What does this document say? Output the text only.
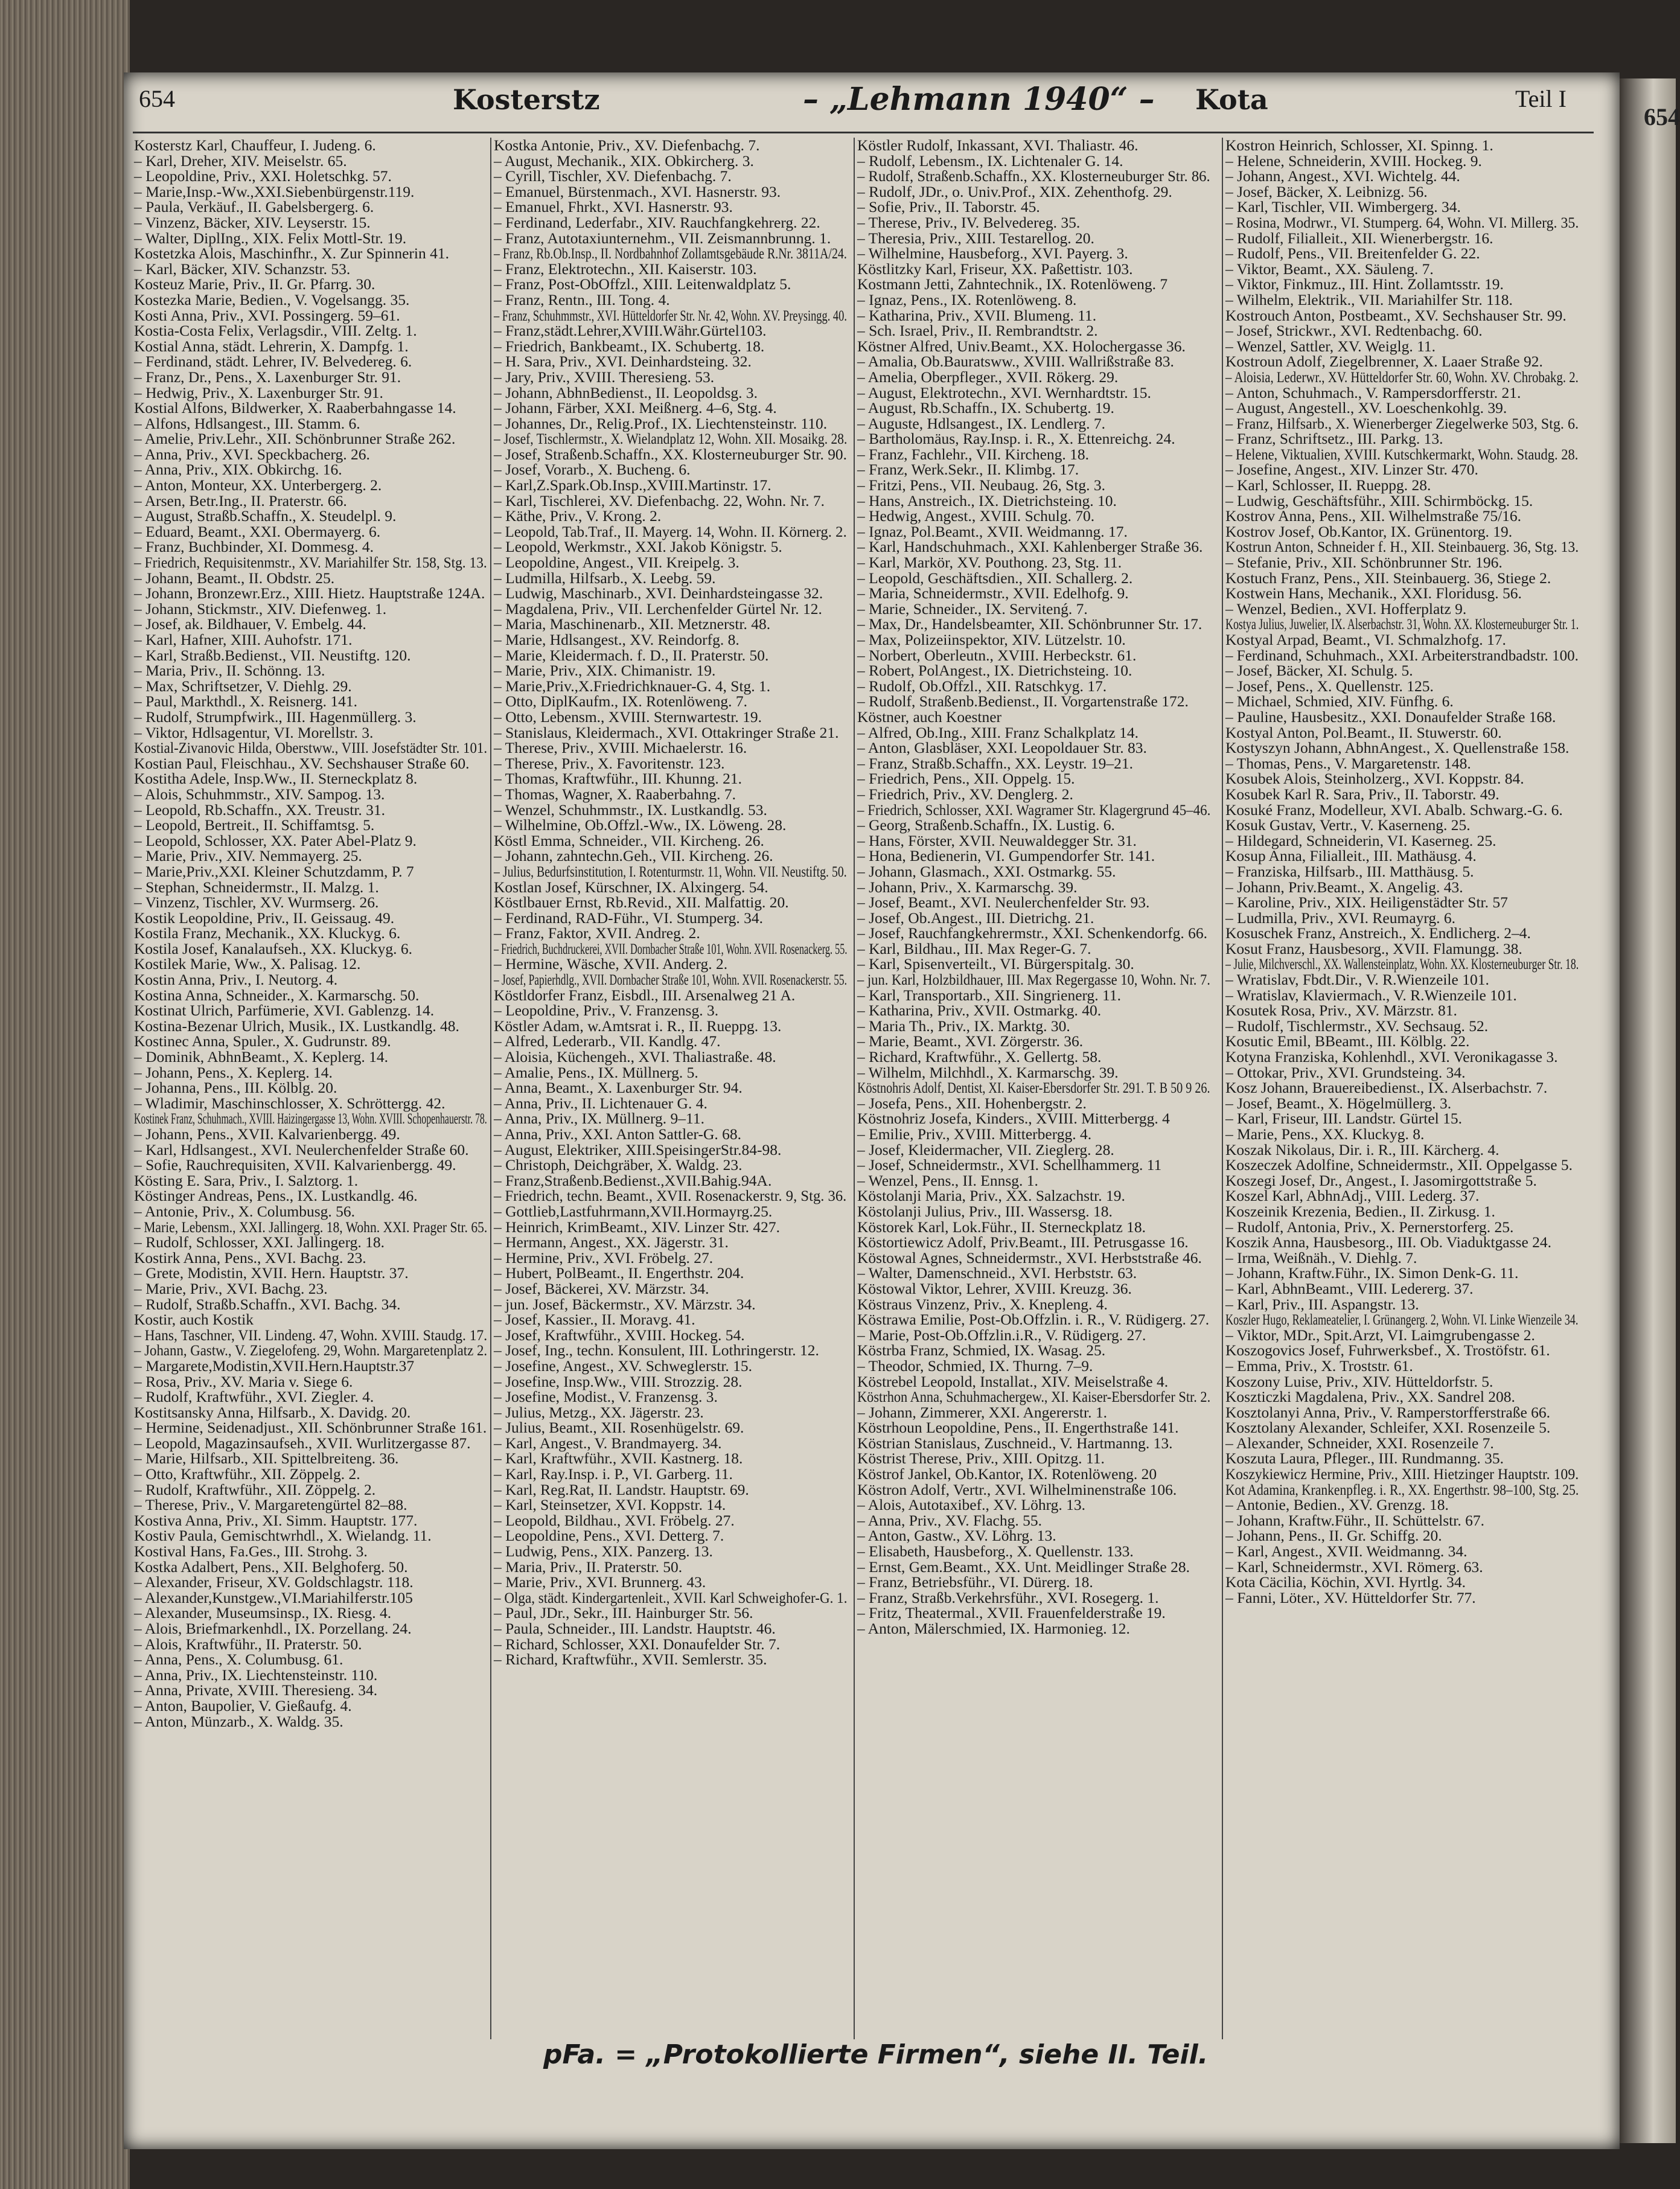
654
654	Kosterstz	– „Lehmann 1940“ – Kota	Teil I
Kosterstz Karl, Chauffeur, I. Judeng. 6.
– Karl, Dreher, XIV. Meiselstr. 65.
– Leopoldine, Priv., XXI. Holetschkg. 57.
– Marie,Insp.-Ww.,XXI.Siebenbürgenstr.119.
– Paula, Verkäuf., II. Gabelsbergerg. 6.
– Vinzenz, Bäcker, XIV. Leyserstr. 15.
– Walter, DiplIng., XIX. Felix Mottl-Str. 19.
Kostetzka Alois, Maschinfhr., X. Zur Spinnerin 41.
– Karl, Bäcker, XIV. Schanzstr. 53.
Kosteuz Marie, Priv., II. Gr. Pfarrg. 30.
Kostezka Marie, Bedien., V. Vogelsangg. 35.
Kosti Anna, Priv., XVI. Possingerg. 59–61.
Kostia-Costa Felix, Verlagsdir., VIII. Zeltg. 1.
Kostial Anna, städt. Lehrerin, X. Dampfg. 1.
– Ferdinand, städt. Lehrer, IV. Belvedereg. 6.
– Franz, Dr., Pens., X. Laxenburger Str. 91.
– Hedwig, Priv., X. Laxenburger Str. 91.
Kostial Alfons, Bildwerker, X. Raaberbahngasse 14.
– Alfons, Hdlsangest., III. Stamm. 6.
– Amelie, Priv.Lehr., XII. Schönbrunner Straße 262.
– Anna, Priv., XVI. Speckbacherg. 26.
– Anna, Priv., XIX. Obkirchg. 16.
– Anton, Monteur, XX. Unterbergerg. 2.
– Arsen, Betr.Ing., II. Praterstr. 66.
– August, Straßb.Schaffn., X. Steudelpl. 9.
– Eduard, Beamt., XXI. Obermayerg. 6.
– Franz, Buchbinder, XI. Dommesg. 4.
– Friedrich, Requisitenmstr., XV. Mariahilfer Str. 158, Stg. 13.
– Johann, Beamt., II. Obdstr. 25.
– Johann, Bronzewr.Erz., XIII. Hietz. Hauptstraße 124A.
– Johann, Stickmstr., XIV. Diefenweg. 1.
– Josef, ak. Bildhauer, V. Embelg. 44.
– Karl, Hafner, XIII. Auhofstr. 171.
– Karl, Straßb.Bedienst., VII. Neustiftg. 120.
– Maria, Priv., II. Schönng. 13.
– Max, Schriftsetzer, V. Diehlg. 29.
– Paul, Markthdl., X. Reisnerg. 141.
– Rudolf, Strumpfwirk., III. Hagenmüllerg. 3.
– Viktor, Hdlsagentur, VI. Morellstr. 3.
Kostial-Zivanovic Hilda, Oberstww., VIII. Josefstädter Str. 101.
Kostian Paul, Fleischhau., XV. Sechshauser Straße 60.
Kostitha Adele, Insp.Ww., II. Sterneckplatz 8.
– Alois, Schuhmmstr., XIV. Sampog. 13.
– Leopold, Rb.Schaffn., XX. Treustr. 31.
– Leopold, Bertreit., II. Schiffamtsg. 5.
– Leopold, Schlosser, XX. Pater Abel-Platz 9.
– Marie, Priv., XIV. Nemmayerg. 25.
– Marie,Priv.,XXI. Kleiner Schutzdamm, P. 7
– Stephan, Schneidermstr., II. Malzg. 1.
– Vinzenz, Tischler, XV. Wurmserg. 26.
Kostik Leopoldine, Priv., II. Geissaug. 49.
Kostila Franz, Mechanik., XX. Kluckyg. 6.
Kostila Josef, Kanalaufseh., XX. Kluckyg. 6.
Kostilek Marie, Ww., X. Palisag. 12.
Kostin Anna, Priv., I. Neutorg. 4.
Kostina Anna, Schneider., X. Karmarschg. 50.
Kostinat Ulrich, Parfümerie, XVI. Gablenzg. 14.
Kostina-Bezenar Ulrich, Musik., IX. Lustkandlg. 48.
Kostinec Anna, Spuler., X. Gudrunstr. 89.
– Dominik, AbhnBeamt., X. Keplerg. 14.
– Johann, Pens., X. Keplerg. 14.
– Johanna, Pens., III. Kölblg. 20.
– Wladimir, Maschinschlosser, X. Schröttergg. 42.
Kostinek Franz, Schuhmach., XVIII. Haizingergasse 13, Wohn. XVIII. Schopenhauerstr. 78.
– Johann, Pens., XVII. Kalvarienbergg. 49.
– Karl, Hdlsangest., XVI. Neulerchenfelder Straße 60.
– Sofie, Rauchrequisiten, XVII. Kalvarienbergg. 49.
Kösting E. Sara, Priv., I. Salztorg. 1.
Köstinger Andreas, Pens., IX. Lustkandlg. 46.
– Antonie, Priv., X. Columbusg. 56.
– Marie, Lebensm., XXI. Jallingerg. 18, Wohn. XXI. Prager Str. 65.
– Rudolf, Schlosser, XXI. Jallingerg. 18.
Kostirk Anna, Pens., XVI. Bachg. 23.
– Grete, Modistin, XVII. Hern. Hauptstr. 37.
– Marie, Priv., XVI. Bachg. 23.
– Rudolf, Straßb.Schaffn., XVI. Bachg. 34.
Kostir, auch Kostik
– Hans, Taschner, VII. Lindeng. 47, Wohn. XVIII. Staudg. 17.
– Johann, Gastw., V. Ziegelofeng. 29, Wohn. Margaretenplatz 2.
– Margarete,Modistin,XVII.Hern.Hauptstr.37
– Rosa, Priv., XV. Maria v. Siege 6.
– Rudolf, Kraftwführ., XVI. Ziegler. 4.
Kostitsansky Anna, Hilfsarb., X. Davidg. 20.
– Hermine, Seidenadjust., XII. Schönbrunner Straße 161.
– Leopold, Magazinsaufseh., XVII. Wurlitzergasse 87.
– Marie, Hilfsarb., XII. Spittelbreiteng. 36.
– Otto, Kraftwführ., XII. Zöppelg. 2.
– Rudolf, Kraftwführ., XII. Zöppelg. 2.
– Therese, Priv., V. Margaretengürtel 82–88.
Kostiva Anna, Priv., XI. Simm. Hauptstr. 177.
Kostiv Paula, Gemischtwrhdl., X. Wielandg. 11.
Kostival Hans, Fa.Ges., III. Strohg. 3.
Kostka Adalbert, Pens., XII. Belghoferg. 50.
– Alexander, Friseur, XV. Goldschlagstr. 118.
– Alexander,Kunstgew.,VI.Mariahilferstr.105
– Alexander, Museumsinsp., IX. Riesg. 4.
– Alois, Briefmarkenhdl., IX. Porzellang. 24.
– Alois, Kraftwführ., II. Praterstr. 50.
– Anna, Pens., X. Columbusg. 61.
– Anna, Priv., IX. Liechtensteinstr. 110.
– Anna, Private, XVIII. Theresieng. 34.
– Anton, Baupolier, V. Gießaufg. 4.
– Anton, Münzarb., X. Waldg. 35.
Kostka Antonie, Priv., XV. Diefenbachg. 7.
– August, Mechanik., XIX. Obkircherg. 3.
– Cyrill, Tischler, XV. Diefenbachg. 7.
– Emanuel, Bürstenmach., XVI. Hasnerstr. 93.
– Emanuel, Fhrkt., XVI. Hasnerstr. 93.
– Ferdinand, Lederfabr., XIV. Rauchfangkehrerg. 22.
– Franz, Autotaxiunternehm., VII. Zeismannbrunng. 1.
– Franz, Rb.Ob.Insp., II. Nordbahnhof Zollamtsgebäude R.Nr. 3811A/24.
– Franz, Elektrotechn., XII. Kaiserstr. 103.
– Franz, Post-ObOffzl., XIII. Leitenwaldplatz 5.
– Franz, Rentn., III. Tong. 4.
– Franz, Schuhmmstr., XVI. Hütteldorfer Str. Nr. 42, Wohn. XV. Preysingg. 40.
– Franz,städt.Lehrer,XVIII.Währ.Gürtel103.
– Friedrich, Bankbeamt., IX. Schubertg. 18.
– H. Sara, Priv., XVI. Deinhardsteing. 32.
– Jary, Priv., XVIII. Theresieng. 53.
– Johann, AbhnBedienst., II. Leopoldsg. 3.
– Johann, Färber, XXI. Meißnerg. 4–6, Stg. 4.
– Johannes, Dr., Relig.Prof., IX. Liechtensteinstr. 110.
– Josef, Tischlermstr., X. Wielandplatz 12, Wohn. XII. Mosaikg. 28.
– Josef, Straßenb.Schaffn., XX. Klosterneuburger Str. 90.
– Josef, Vorarb., X. Bucheng. 6.
– Karl,Z.Spark.Ob.Insp.,XVIII.Martinstr. 17.
– Karl, Tischlerei, XV. Diefenbachg. 22, Wohn. Nr. 7.
– Käthe, Priv., V. Krong. 2.
– Leopold, Tab.Traf., II. Mayerg. 14, Wohn. II. Körnerg. 2.
– Leopold, Werkmstr., XXI. Jakob Königstr. 5.
– Leopoldine, Angest., VII. Kreipelg. 3.
– Ludmilla, Hilfsarb., X. Leebg. 59.
– Ludwig, Maschinarb., XVI. Deinhardsteingasse 32.
– Magdalena, Priv., VII. Lerchenfelder Gürtel Nr. 12.
– Maria, Maschinenarb., XII. Metznerstr. 48.
– Marie, Hdlsangest., XV. Reindorfg. 8.
– Marie, Kleidermach. f. D., II. Praterstr. 50.
– Marie, Priv., XIX. Chimanistr. 19.
– Marie,Priv.,X.Friedrichknauer-G. 4, Stg. 1.
– Otto, DiplKaufm., IX. Rotenlöweng. 7.
– Otto, Lebensm., XVIII. Sternwartestr. 19.
– Stanislaus, Kleidermach., XVI. Ottakringer Straße 21.
– Therese, Priv., XVIII. Michaelerstr. 16.
– Therese, Priv., X. Favoritenstr. 123.
– Thomas, Kraftwführ., III. Khunng. 21.
– Thomas, Wagner, X. Raaberbahng. 7.
– Wenzel, Schuhmmstr., IX. Lustkandlg. 53.
– Wilhelmine, Ob.Offzl.-Ww., IX. Löweng. 28.
Köstl Emma, Schneider., VII. Kircheng. 26.
– Johann, zahntechn.Geh., VII. Kircheng. 26.
– Julius, Bedurfsinstitution, I. Rotenturmstr. 11, Wohn. VII. Neustiftg. 50.
Kostlan Josef, Kürschner, IX. Alxingerg. 54.
Köstlbauer Ernst, Rb.Revid., XII. Malfattig. 20.
– Ferdinand, RAD-Führ., VI. Stumperg. 34.
– Franz, Faktor, XVII. Andreg. 2.
– Friedrich, Buchdruckerei, XVII. Dornbacher Straße 101, Wohn. XVII. Rosenackerg. 55.
– Hermine, Wäsche, XVII. Anderg. 2.
– Josef, Papierhdlg., XVII. Dornbacher Straße 101, Wohn. XVII. Rosenackerstr. 55.
Köstldorfer Franz, Eisbdl., III. Arsenalweg 21 A.
– Leopoldine, Priv., V. Franzensg. 3.
Köstler Adam, w.Amtsrat i. R., II. Rueppg. 13.
– Alfred, Lederarb., VII. Kandlg. 47.
– Aloisia, Küchengeh., XVI. Thaliastraße. 48.
– Amalie, Pens., IX. Müllnerg. 5.
– Anna, Beamt., X. Laxenburger Str. 94.
– Anna, Priv., II. Lichtenauer G. 4.
– Anna, Priv., IX. Müllnerg. 9–11.
– Anna, Priv., XXI. Anton Sattler-G. 68.
– August, Elektriker, XIII.SpeisingerStr.84-98.
– Christoph, Deichgräber, X. Waldg. 23.
– Franz,Straßenb.Bedienst.,XVII.Bahig.94A.
– Friedrich, techn. Beamt., XVII. Rosenackerstr. 9, Stg. 36.
– Gottlieb,Lastfuhrmann,XVII.Hormayrg.25.
– Heinrich, KrimBeamt., XIV. Linzer Str. 427.
– Hermann, Angest., XX. Jägerstr. 31.
– Hermine, Priv., XVI. Fröbelg. 27.
– Hubert, PolBeamt., II. Engerthstr. 204.
– Josef, Bäckerei, XV. Märzstr. 34.
– jun. Josef, Bäckermstr., XV. Märzstr. 34.
– Josef, Kassier., II. Moravg. 41.
– Josef, Kraftwführ., XVIII. Hockeg. 54.
– Josef, Ing., techn. Konsulent, III. Lothringerstr. 12.
– Josefine, Angest., XV. Schweglerstr. 15.
– Josefine, Insp.Ww., VIII. Strozzig. 28.
– Josefine, Modist., V. Franzensg. 3.
– Julius, Metzg., XX. Jägerstr. 23.
– Julius, Beamt., XII. Rosenhügelstr. 69.
– Karl, Angest., V. Brandmayerg. 34.
– Karl, Kraftwführ., XVII. Kastnerg. 18.
– Karl, Ray.Insp. i. P., VI. Garberg. 11.
– Karl, Reg.Rat, II. Landstr. Hauptstr. 69.
– Karl, Steinsetzer, XVI. Koppstr. 14.
– Leopold, Bildhau., XVI. Fröbelg. 27.
– Leopoldine, Pens., XVI. Detterg. 7.
– Ludwig, Pens., XIX. Panzerg. 13.
– Maria, Priv., II. Praterstr. 50.
– Marie, Priv., XVI. Brunnerg. 43.
– Olga, städt. Kindergartenleit., XVII. Karl Schweighofer-G. 1.
– Paul, JDr., Sekr., III. Hainburger Str. 56.
– Paula, Schneider., III. Landstr. Hauptstr. 46.
– Richard, Schlosser, XXI. Donaufelder Str. 7.
– Richard, Kraftwführ., XVII. Semlerstr. 35.
Köstler Rudolf, Inkassant, XVI. Thaliastr. 46.
– Rudolf, Lebensm., IX. Lichtenaler G. 14.
– Rudolf, Straßenb.Schaffn., XX. Klosterneuburger Str. 86.
– Rudolf, JDr., o. Univ.Prof., XIX. Zehenthofg. 29.
– Sofie, Priv., II. Taborstr. 45.
– Therese, Priv., IV. Belvedereg. 35.
– Theresia, Priv., XIII. Testarellog. 20.
– Wilhelmine, Hausbeforg., XVI. Payerg. 3.
Köstlitzky Karl, Friseur, XX. Paßettistr. 103.
Kostmann Jetti, Zahntechnik., IX. Rotenlöweng. 7
– Ignaz, Pens., IX. Rotenlöweng. 8.
– Katharina, Priv., XVII. Blumeng. 11.
– Sch. Israel, Priv., II. Rembrandtstr. 2.
Köstner Alfred, Univ.Beamt., XX. Holochergasse 36.
– Amalia, Ob.Bauratsww., XVIII. Wallrißstraße 83.
– Amelia, Oberpfleger., XVII. Rökerg. 29.
– August, Elektrotechn., XVI. Wernhardtstr. 15.
– August, Rb.Schaffn., IX. Schubertg. 19.
– Auguste, Hdlsangest., IX. Lendlerg. 7.
– Bartholomäus, Ray.Insp. i. R., X. Ettenreichg. 24.
– Franz, Fachlehr., VII. Kircheng. 18.
– Franz, Werk.Sekr., II. Klimbg. 17.
– Fritzi, Pens., VII. Neubaug. 26, Stg. 3.
– Hans, Anstreich., IX. Dietrichsteing. 10.
– Hedwig, Angest., XVIII. Schulg. 70.
– Ignaz, Pol.Beamt., XVII. Weidmanng. 17.
– Karl, Handschuhmach., XXI. Kahlenberger Straße 36.
– Karl, Markör, XV. Pouthong. 23, Stg. 11.
– Leopold, Geschäftsdien., XII. Schallerg. 2.
– Maria, Schneidermstr., XVII. Edelhofg. 9.
– Marie, Schneider., IX. Servitenǵ. 7.
– Max, Dr., Handelsbeamter, XII. Schönbrunner Str. 17.
– Max, Polizeiinspektor, XIV. Lützelstr. 10.
– Norbert, Oberleutn., XVIII. Herbeckstr. 61.
– Robert, PolAngest., IX. Dietrichsteing. 10.
– Rudolf, Ob.Offzl., XII. Ratschkyg. 17.
– Rudolf, Straßenb.Bedienst., II. Vorgartenstraße 172.
Köstner, auch Koestner
– Alfred, Ob.Ing., XIII. Franz Schalkplatz 14.
– Anton, Glasbläser, XXI. Leopoldauer Str. 83.
– Franz, Straßb.Schaffn., XX. Leystr. 19–21.
– Friedrich, Pens., XII. Oppelg. 15.
– Friedrich, Priv., XV. Denglerg. 2.
– Friedrich, Schlosser, XXI. Wagramer Str. Klagergrund 45–46.
– Georg, Straßenb.Schaffn., IX. Lustig. 6.
– Hans, Förster, XVII. Neuwaldegger Str. 31.
– Hona, Bedienerin, VI. Gumpendorfer Str. 141.
– Johann, Glasmach., XXI. Ostmarkg. 55.
– Johann, Priv., X. Karmarschg. 39.
– Josef, Beamt., XVI. Neulerchenfelder Str. 93.
– Josef, Ob.Angest., III. Dietrichg. 21.
– Josef, Rauchfangkehrermstr., XXI. Schenkendorfg. 66.
– Karl, Bildhau., III. Max Reger-G. 7.
– Karl, Spisenverteilt., VI. Bürgerspitalg. 30.
– jun. Karl, Holzbildhauer, III. Max Regergasse 10, Wohn. Nr. 7.
– Karl, Transportarb., XII. Singrienerg. 11.
– Katharina, Priv., XVII. Ostmarkg. 40.
– Maria Th., Priv., IX. Marktg. 30.
– Marie, Beamt., XVI. Zörgerstr. 36.
– Richard, Kraftwführ., X. Gellertg. 58.
– Wilhelm, Milchhdl., X. Karmarschg. 39.
Köstnohris Adolf, Dentist, XI. Kaiser-Ebersdorfer Str. 291. T. B 50 9 26.
– Josefa, Pens., XII. Hohenbergstr. 2.
Köstnohriz Josefa, Kinders., XVIII. Mitterbergg. 4
– Emilie, Priv., XVIII. Mitterbergg. 4.
– Josef, Kleidermacher, VII. Zieglerg. 28.
– Josef, Schneidermstr., XVI. Schellhammerg. 11
– Wenzel, Pens., II. Ennsg. 1.
Köstolanji Maria, Priv., XX. Salzachstr. 19.
Köstolanji Julius, Priv., III. Wassersg. 18.
Köstorek Karl, Lok.Führ., II. Sterneckplatz 18.
Köstortiewicz Adolf, Priv.Beamt., III. Petrusgasse 16.
Köstowal Agnes, Schneidermstr., XVI. Herbststraße 46.
– Walter, Damenschneid., XVI. Herbststr. 63.
Köstowal Viktor, Lehrer, XVIII. Kreuzg. 36.
Köstraus Vinzenz, Priv., X. Knepleng. 4.
Köstrawa Emilie, Post-Ob.Offzlin. i. R., V. Rüdigerg. 27.
– Marie, Post-Ob.Offzlin.i.R., V. Rüdigerg. 27.
Köstrba Franz, Schmied, IX. Wasag. 25.
– Theodor, Schmied, IX. Thurng. 7–9.
Köstrebel Leopold, Installat., XIV. Meiselstraße 4.
Köstrhon Anna, Schuhmachergew., XI. Kaiser-Ebersdorfer Str. 2.
– Johann, Zimmerer, XXI. Angererstr. 1.
Köstrhoun Leopoldine, Pens., II. Engerthstraße 141.
Köstrian Stanislaus, Zuschneid., V. Hartmanng. 13.
Köstrist Therese, Priv., XIII. Opitzg. 11.
Köstrof Jankel, Ob.Kantor, IX. Rotenlöweng. 20
Köstron Adolf, Vertr., XVI. Wilhelminenstraße 106.
– Alois, Autotaxibef., XV. Löhrg. 13.
– Anna, Priv., XV. Flachg. 55.
– Anton, Gastw., XV. Löhrg. 13.
– Elisabeth, Hausbeforg., X. Quellenstr. 133.
– Ernst, Gem.Beamt., XX. Unt. Meidlinger Straße 28.
– Franz, Betriebsführ., VI. Dürerg. 18.
– Franz, Straßb.Verkehrsführ., XVI. Rosegerg. 1.
– Fritz, Theatermal., XVII. Frauenfelderstraße 19.
– Anton, Mälerschmied, IX. Harmonieg. 12.
Kostron Heinrich, Schlosser, XI. Spinng. 1.
– Helene, Schneiderin, XVIII. Hockeg. 9.
– Johann, Angest., XVI. Wichtelg. 44.
– Josef, Bäcker, X. Leibnizg. 56.
– Karl, Tischler, VII. Wimbergerg. 34.
– Rosina, Modrwr., VI. Stumperg. 64, Wohn. VI. Millerg. 35.
– Rudolf, Filialleit., XII. Wienerbergstr. 16.
– Rudolf, Pens., VII. Breitenfelder G. 22.
– Viktor, Beamt., XX. Säuleng. 7.
– Viktor, Finkmuz., III. Hint. Zollamtsstr. 19.
– Wilhelm, Elektrik., VII. Mariahilfer Str. 118.
Kostrouch Anton, Postbeamt., XV. Sechshauser Str. 99.
– Josef, Strickwr., XVI. Redtenbachg. 60.
– Wenzel, Sattler, XV. Weiglg. 11.
Kostroun Adolf, Ziegelbrenner, X. Laaer Straße 92.
– Aloisia, Lederwr., XV. Hütteldorfer Str. 60, Wohn. XV. Chrobakg. 2.
– Anton, Schuhmach., V. Rampersdorfferstr. 21.
– August, Angestell., XV. Loeschenkohlg. 39.
– Franz, Hilfsarb., X. Wienerberger Ziegelwerke 503, Stg. 6.
– Franz, Schriftsetz., III. Parkg. 13.
– Helene, Viktualien, XVIII. Kutschkermarkt, Wohn. Staudg. 28.
– Josefine, Angest., XIV. Linzer Str. 470.
– Karl, Schlosser, II. Rueppg. 28.
– Ludwig, Geschäftsführ., XIII. Schirmböckg. 15.
Kostrov Anna, Pens., XII. Wilhelmstraße 75/16.
Kostrov Josef, Ob.Kantor, IX. Grünentorg. 19.
Kostrun Anton, Schneider f. H., XII. Steinbauerg. 36, Stg. 13.
– Stefanie, Priv., XII. Schönbrunner Str. 196.
Kostuch Franz, Pens., XII. Steinbauerg. 36, Stiege 2.
Kostwein Hans, Mechanik., XXI. Floridusg. 56.
– Wenzel, Bedien., XVI. Hofferplatz 9.
Kostya Julius, Juwelier, IX. Alserbachstr. 31, Wohn. XX. Klosterneuburger Str. 1.
Kostyal Arpad, Beamt., VI. Schmalzhofg. 17.
– Ferdinand, Schuhmach., XXI. Arbeiterstrandbadstr. 100.
– Josef, Bäcker, XI. Schulg. 5.
– Josef, Pens., X. Quellenstr. 125.
– Michael, Schmied, XIV. Fünfhg. 6.
– Pauline, Hausbesitz., XXI. Donaufelder Straße 168.
Kostyal Anton, Pol.Beamt., II. Stuwerstr. 60.
Kostyszyn Johann, AbhnAngest., X. Quellenstraße 158.
– Thomas, Pens., V. Margaretenstr. 148.
Kosubek Alois, Steinholzerg., XVI. Koppstr. 84.
Kosubek Karl R. Sara, Priv., II. Taborstr. 49.
Kosuké Franz, Modelleur, XVI. Abalb. Schwarg.-G. 6.
Kosuk Gustav, Vertr., V. Kaserneng. 25.
– Hildegard, Schneiderin, VI. Kaserneg. 25.
Kosup Anna, Filialleit., III. Mathäusg. 4.
– Franziska, Hilfsarb., III. Matthäusg. 5.
– Johann, Priv.Beamt., X. Angelig. 43.
– Karoline, Priv., XIX. Heiligenstädter Str. 57
– Ludmilla, Priv., XVI. Reumayrg. 6.
Kosuschek Franz, Anstreich., X. Endlicherg. 2–4.
Kosut Franz, Hausbesorg., XVII. Flamungg. 38.
– Julie, Milchverschl., XX. Wallensteinplatz, Wohn. XX. Klosterneuburger Str. 18.
– Wratislav, Fbdt.Dir., V. R.Wienzeile 101.
– Wratislav, Klaviermach., V. R.Wienzeile 101.
Kosutek Rosa, Priv., XV. Märzstr. 81.
– Rudolf, Tischlermstr., XV. Sechsaug. 52.
Kosutic Emil, BBeamt., III. Kölblg. 22.
Kotyna Franziska, Kohlenhdl., XVI. Veronikagasse 3.
– Ottokar, Priv., XVI. Grundsteing. 34.
Kosz Johann, Brauereibedienst., IX. Alserbachstr. 7.
– Josef, Beamt., X. Högelmüllerg. 3.
– Karl, Friseur, III. Landstr. Gürtel 15.
– Marie, Pens., XX. Kluckyg. 8.
Koszak Nikolaus, Dir. i. R., III. Kärcherg. 4.
Koszeczek Adolfine, Schneidermstr., XII. Oppelgasse 5.
Koszegi Josef, Dr., Angest., I. Jasomirgottstraße 5.
Koszel Karl, AbhnAdj., VIII. Lederg. 37.
Koszeinik Krezenia, Bedien., II. Zirkusg. 1.
– Rudolf, Antonia, Priv., X. Pernerstorferg. 25.
Koszik Anna, Hausbesorg., III. Ob. Viaduktgasse 24.
– Irma, Weißnäh., V. Diehlg. 7.
– Johann, Kraftw.Führ., IX. Simon Denk-G. 11.
– Karl, AbhnBeamt., VIII. Ledererg. 37.
– Karl, Priv., III. Aspangstr. 13.
Koszler Hugo, Reklameatelier, I. Grünangerg. 2, Wohn. VI. Linke Wienzeile 34.
– Viktor, MDr., Spit.Arzt, VI. Laimgrubengasse 2.
Koszogovics Josef, Fuhrwerksbef., X. Trostöfstr. 61.
– Emma, Priv., X. Troststr. 61.
Koszony Luise, Priv., XIV. Hütteldorfstr. 5.
Koszticzki Magdalena, Priv., XX. Sandrel 208.
Kosztolanyi Anna, Priv., V. Ramperstorfferstraße 66.
Kosztolany Alexander, Schleifer, XXI. Rosenzeile 5.
– Alexander, Schneider, XXI. Rosenzeile 7.
Koszuta Laura, Pfleger., III. Rundmanng. 35.
Koszykiewicz Hermine, Priv., XIII. Hietzinger Hauptstr. 109.
Kot Adamina, Krankenpfleg. i. R., XX. Engerthstr. 98–100, Stg. 25.
– Antonie, Bedien., XV. Grenzg. 18.
– Johann, Kraftw.Führ., II. Schüttelstr. 67.
– Johann, Pens., II. Gr. Schiffg. 20.
– Karl, Angest., XVII. Weidmanng. 34.
– Karl, Schneidermstr., XVI. Römerg. 63.
Kota Cäcilia, Köchin, XVI. Hyrtlg. 34.
– Fanni, Löter., XV. Hütteldorfer Str. 77.
pFa. = „Protokollierte Firmen“, siehe II. Teil.
